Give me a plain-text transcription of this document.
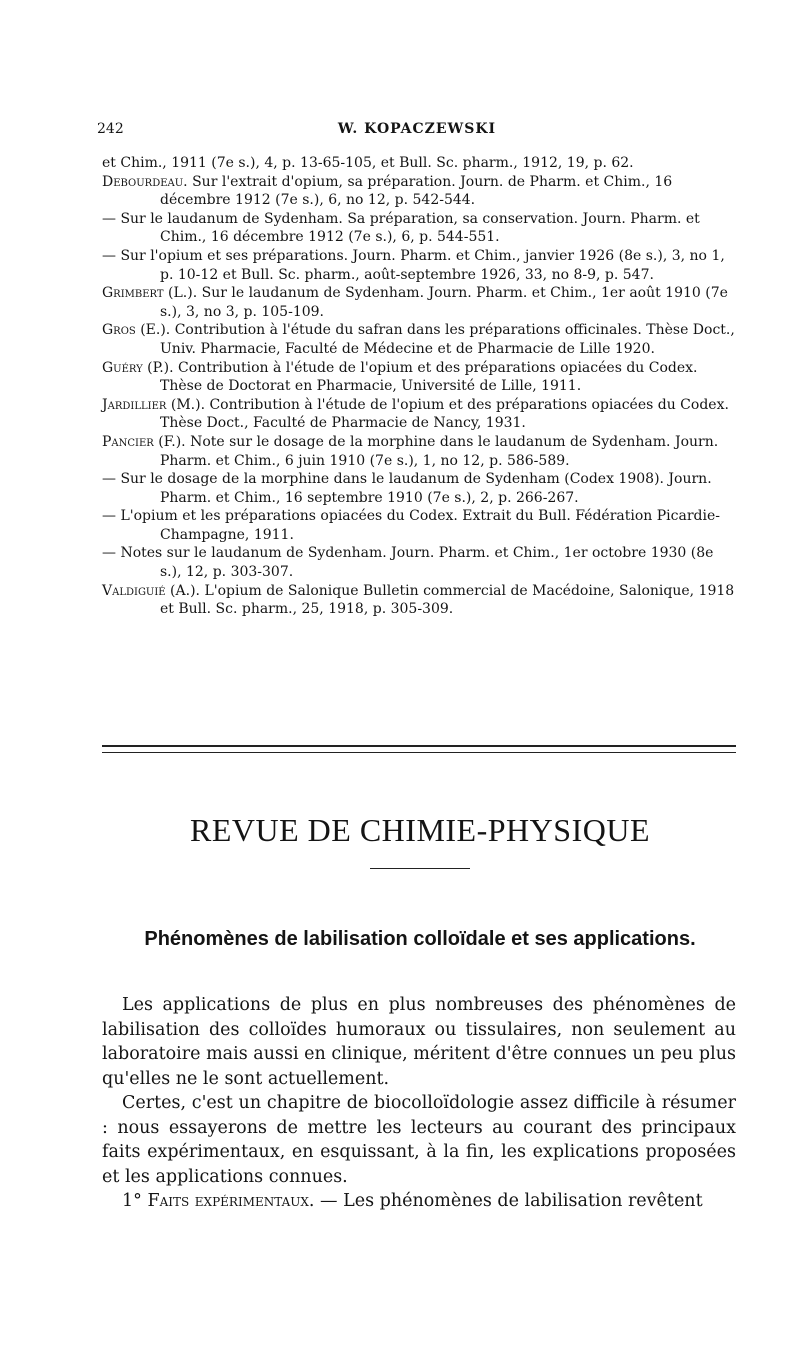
242	W. KOPACZEWSKI

et Chim., 1911 (7e s.), 4, p. 13-65-105, et Bull. Sc. pharm., 1912, 19, p. 62.

Debourdeau. Sur l'extrait d'opium, sa préparation. Journ. de Pharm. et Chim., 16 décembre 1912 (7e s.), 6, no 12, p. 542-544.

— Sur le laudanum de Sydenham. Sa préparation, sa conservation. Journ. Pharm. et Chim., 16 décembre 1912 (7e s.), 6, p. 544-551.

— Sur l'opium et ses préparations. Journ. Pharm. et Chim., janvier 1926 (8e s.), 3, no 1, p. 10-12 et Bull. Sc. pharm., août-septembre 1926, 33, no 8-9, p. 547.

Grimbert (L.). Sur le laudanum de Sydenham. Journ. Pharm. et Chim., 1er août 1910 (7e s.), 3, no 3, p. 105-109.

Gros (E.). Contribution à l'étude du safran dans les préparations officinales. Thèse Doct., Univ. Pharmacie, Faculté de Médecine et de Pharmacie de Lille 1920.

Guéry (P.). Contribution à l'étude de l'opium et des préparations opiacées du Codex. Thèse de Doctorat en Pharmacie, Université de Lille, 1911.

Jardillier (M.). Contribution à l'étude de l'opium et des préparations opiacées du Codex. Thèse Doct., Faculté de Pharmacie de Nancy, 1931.

Pancier (F.). Note sur le dosage de la morphine dans le laudanum de Sydenham. Journ. Pharm. et Chim., 6 juin 1910 (7e s.), 1, no 12, p. 586-589.

— Sur le dosage de la morphine dans le laudanum de Sydenham (Codex 1908). Journ. Pharm. et Chim., 16 septembre 1910 (7e s.), 2, p. 266-267.

— L'opium et les préparations opiacées du Codex. Extrait du Bull. Fédération Picardie-Champagne, 1911.

— Notes sur le laudanum de Sydenham. Journ. Pharm. et Chim., 1er octobre 1930 (8e s.), 12, p. 303-307.

Valdiguié (A.). L'opium de Salonique Bulletin commercial de Macédoine, Salonique, 1918 et Bull. Sc. pharm., 25, 1918, p. 305-309.

REVUE DE CHIMIE-PHYSIQUE
Phénomènes de labilisation colloïdale et ses applications.

Les applications de plus en plus nombreuses des phénomènes de labilisation des colloïdes humoraux ou tissulaires, non seulement au laboratoire mais aussi en clinique, méritent d'être connues un peu plus qu'elles ne le sont actuellement.

Certes, c'est un chapitre de biocolloïdologie assez difficile à résumer : nous essayerons de mettre les lecteurs au courant des principaux faits expérimentaux, en esquissant, à la fin, les explications proposées et les applications connues.

1° Faits expérimentaux. — Les phénomènes de labilisation revêtent
